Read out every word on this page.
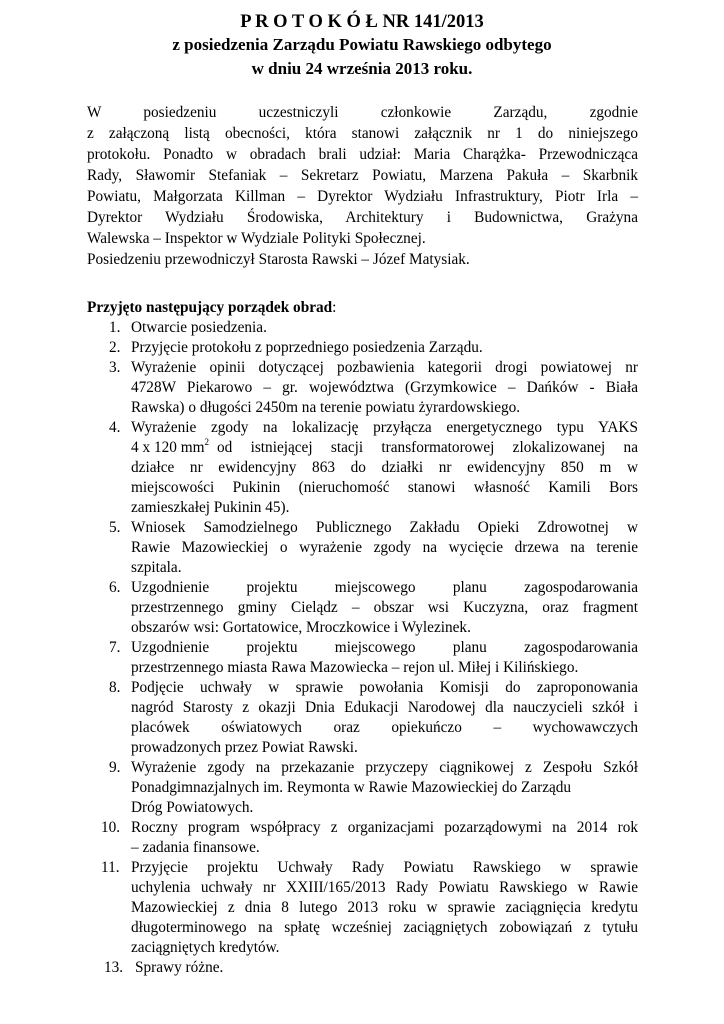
P R O T O K Ó Ł NR 141/2013
z posiedzenia Zarządu Powiatu Rawskiego odbytego
w dniu 24 września 2013 roku.

W posiedzeniu uczestniczyli członkowie Zarządu, zgodnie

z załączoną listą obecności, która stanowi załącznik nr 1 do niniejszego

protokołu. Ponadto w obradach brali udział: Maria Charążka- Przewodnicząca

Rady, Sławomir Stefaniak – Sekretarz Powiatu, Marzena Pakuła – Skarbnik

Powiatu, Małgorzata Killman – Dyrektor Wydziału Infrastruktury, Piotr Irla –

Dyrektor Wydziału Środowiska, Architektury i Budownictwa, Grażyna

Walewska – Inspektor w Wydziale Polityki Społecznej.

Posiedzeniu przewodniczył Starosta Rawski – Józef Matysiak.

Przyjęto następujący porządek obrad:

1. Otwarcie posiedzenia.

2. Przyjęcie protokołu z poprzedniego posiedzenia Zarządu.

3. Wyrażenie opinii dotyczącej pozbawienia kategorii drogi powiatowej nr

4728W Piekarowo – gr. województwa (Grzymkowice – Dańków - Biała

Rawska) o długości 2450m na terenie powiatu żyrardowskiego.

4. Wyrażenie zgody na lokalizację przyłącza energetycznego typu YAKS

4 x 120 $mm^2$ od istniejącej stacji transformatorowej zlokalizowanej na

działce nr ewidencyjny 863 do działki nr ewidencyjny 850 m w

miejscowości Pukinin (nieruchomość stanowi własność Kamili Bors

zamieszkałej Pukinin 45).

5. Wniosek Samodzielnego Publicznego Zakładu Opieki Zdrowotnej w

Rawie Mazowieckiej o wyrażenie zgody na wycięcie drzewa na terenie

szpitala.

6. Uzgodnienie projektu miejscowego planu zagospodarowania

przestrzennego gminy Cielądz – obszar wsi Kuczyzna, oraz fragment

obszarów wsi: Gortatowice, Mroczkowice i Wylezinek.

7. Uzgodnienie projektu miejscowego planu zagospodarowania

przestrzennego miasta Rawa Mazowiecka – rejon ul. Miłej i Kilińskiego.

8. Podjęcie uchwały w sprawie powołania Komisji do zaproponowania

nagród Starosty z okazji Dnia Edukacji Narodowej dla nauczycieli szkół i

placówek oświatowych oraz opiekuńczo – wychowawczych

prowadzonych przez Powiat Rawski.

9. Wyrażenie zgody na przekazanie przyczepy ciągnikowej z Zespołu Szkół

Ponadgimnazjalnych im. Reymonta w Rawie Mazowieckiej do Zarządu

Dróg Powiatowych.

10. Roczny program współpracy z organizacjami pozarządowymi na 2014 rok

– zadania finansowe.

11. Przyjęcie projektu Uchwały Rady Powiatu Rawskiego w sprawie

uchylenia uchwały nr XXIII/165/2013 Rady Powiatu Rawskiego w Rawie

Mazowieckiej z dnia 8 lutego 2013 roku w sprawie zaciągnięcia kredytu

długoterminowego na spłatę wcześniej zaciągniętych zobowiązań z tytułu

zaciągniętych kredytów.

13. Sprawy różne.
